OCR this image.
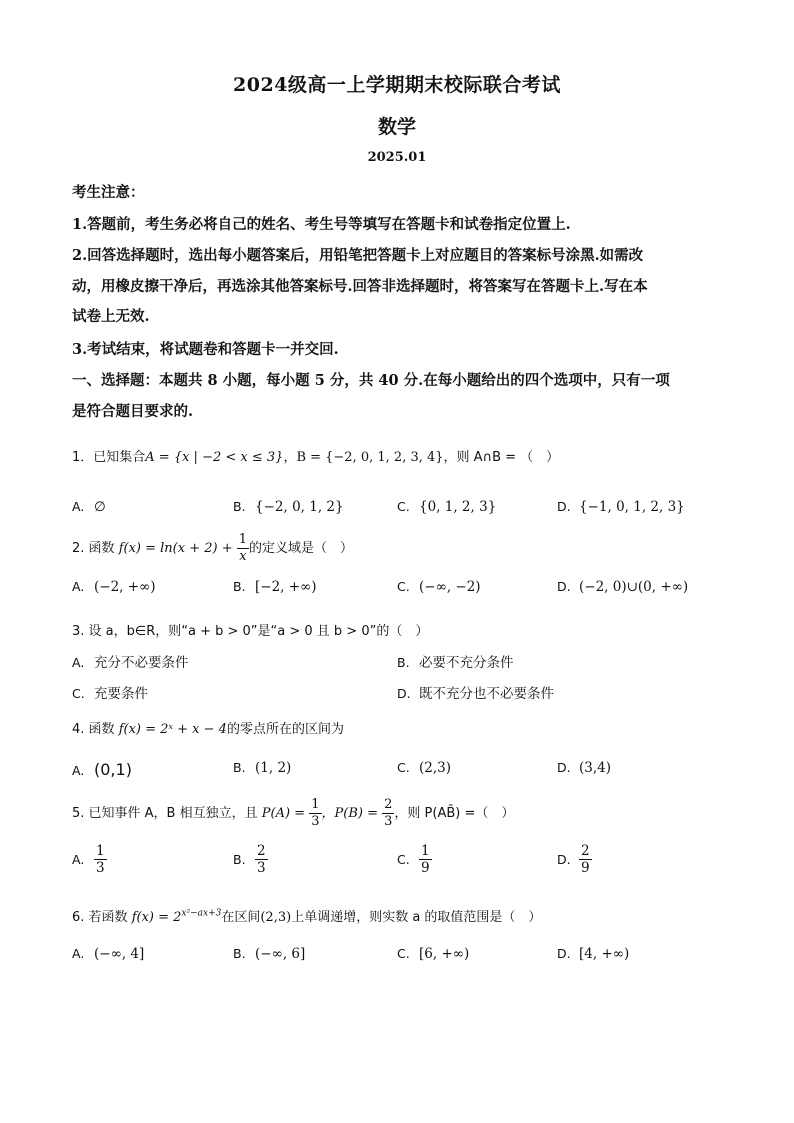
2024级高一上学期期末校际联合考试
数学
2025.01
考生注意：
1.答题前，考生务必将自己的姓名、考生号等填写在答题卡和试卷指定位置上.
2.回答选择题时，选出每小题答案后，用铅笔把答题卡上对应题目的答案标号涂黑.如需改
动，用橡皮擦干净后，再选涂其他答案标号.回答非选择题时，将答案写在答题卡上.写在本
试卷上无效.
3.考试结束，将试题卷和答题卡一并交回.
一、选择题：本题共 8 小题，每小题 5 分，共 40 分.在每小题给出的四个选项中，只有一项
是符合题目要求的.
1．已知集合A = {x | −2 < x ≤ 3}，B = {−2, 0, 1, 2, 3, 4}，则 A∩B = （　）
A. ∅	B. {−2, 0, 1, 2}	C. {0, 1, 2, 3}	D. {−1, 0, 1, 2, 3}
2. 函数 $f(x) = \ln(x + 2) + \frac{1}{x}$ 的定义域是（　）
A. (−2, +∞)	B. [−2, +∞)	C. (−∞, −2)	D. (−2, 0)∪(0, +∞)
3. 设 a，b∈R，则“a + b > 0”是“a > 0 且 b > 0”的（　）
A. 充分不必要条件	B. 必要不充分条件
C. 充要条件	D. 既不充分也不必要条件
4. 函数 f(x) = 2ˣ + x − 4的零点所在的区间为
A. (0,1)	B. (1, 2)	C. (2,3)	D. (3,4)
5. 已知事件 A，B 相互独立，且 $P(A) = \frac{1}{3}$ ，$P(B) = \frac{2}{3}$ ，则 P(AB̄) =（　）
A. $\frac{1}{3}$	B. $\frac{2}{3}$	C. $\frac{1}{9}$	D. $\frac{2}{9}$
6. 若函数 $f(x) = 2^{x^2-ax+3}$在区间(2,3)上单调递增，则实数 a 的取值范围是（　）
A. (−∞, 4]	B. (−∞, 6]	C. [6, +∞)	D. [4, +∞)
